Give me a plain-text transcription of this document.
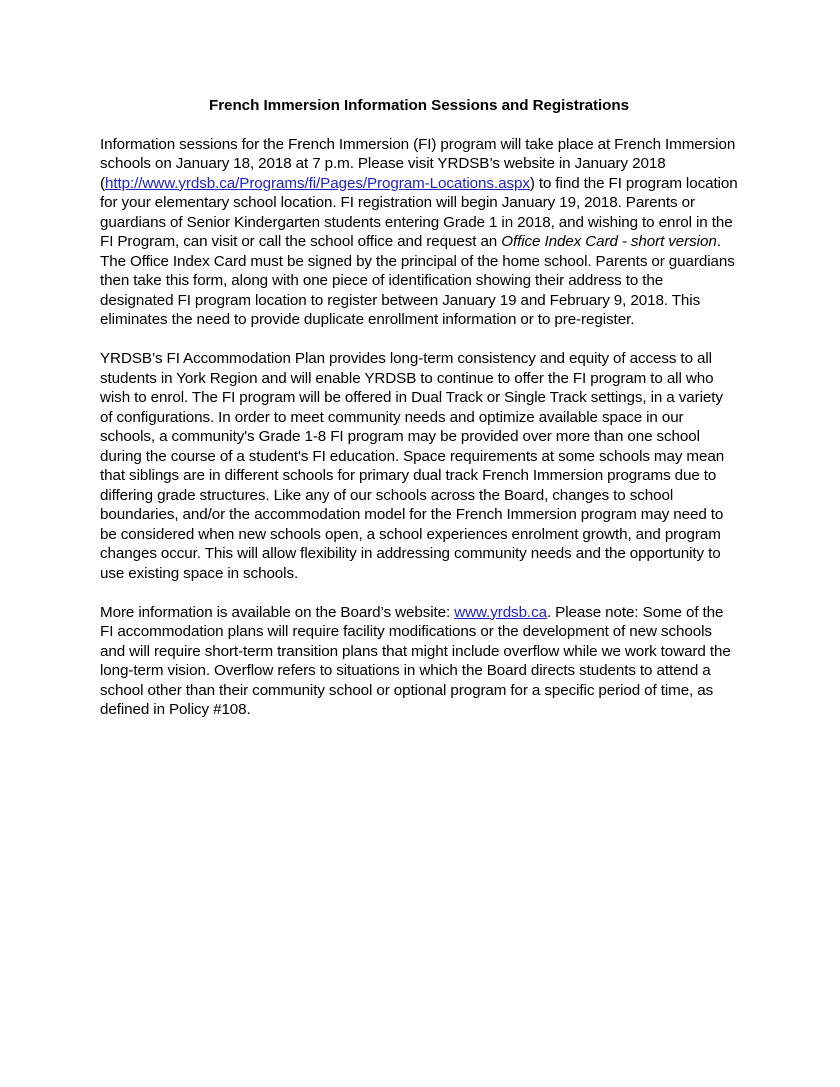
French Immersion Information Sessions and Registrations

Information sessions for the French Immersion (FI) program will take place at French Immersion schools on January 18, 2018 at 7 p.m. Please visit YRDSB’s website in January 2018 (http://www.yrdsb.ca/Programs/fi/Pages/Program-Locations.aspx) to find the FI program location for your elementary school location. FI registration will begin January 19, 2018. Parents or guardians of Senior Kindergarten students entering Grade 1 in 2018, and wishing to enrol in the FI Program, can visit or call the school office and request an Office Index Card - short version. The Office Index Card must be signed by the principal of the home school. Parents or guardians then take this form, along with one piece of identification showing their address to the designated FI program location to register between January 19 and February 9, 2018. This eliminates the need to provide duplicate enrollment information or to pre-register.

YRDSB’s FI Accommodation Plan provides long-term consistency and equity of access to all students in York Region and will enable YRDSB to continue to offer the FI program to all who wish to enrol. The FI program will be offered in Dual Track or Single Track settings, in a variety of configurations. In order to meet community needs and optimize available space in our schools, a community's Grade 1-8 FI program may be provided over more than one school during the course of a student's FI education. Space requirements at some schools may mean that siblings are in different schools for primary dual track French Immersion programs due to differing grade structures. Like any of our schools across the Board, changes to school boundaries, and/or the accommodation model for the French Immersion program may need to be considered when new schools open, a school experiences enrolment growth, and program changes occur. This will allow flexibility in addressing community needs and the opportunity to use existing space in schools.

More information is available on the Board’s website: www.yrdsb.ca. Please note: Some of the FI accommodation plans will require facility modifications or the development of new schools and will require short-term transition plans that might include overflow while we work toward the long-term vision. Overflow refers to situations in which the Board directs students to attend a school other than their community school or optional program for a specific period of time, as defined in Policy #108.
